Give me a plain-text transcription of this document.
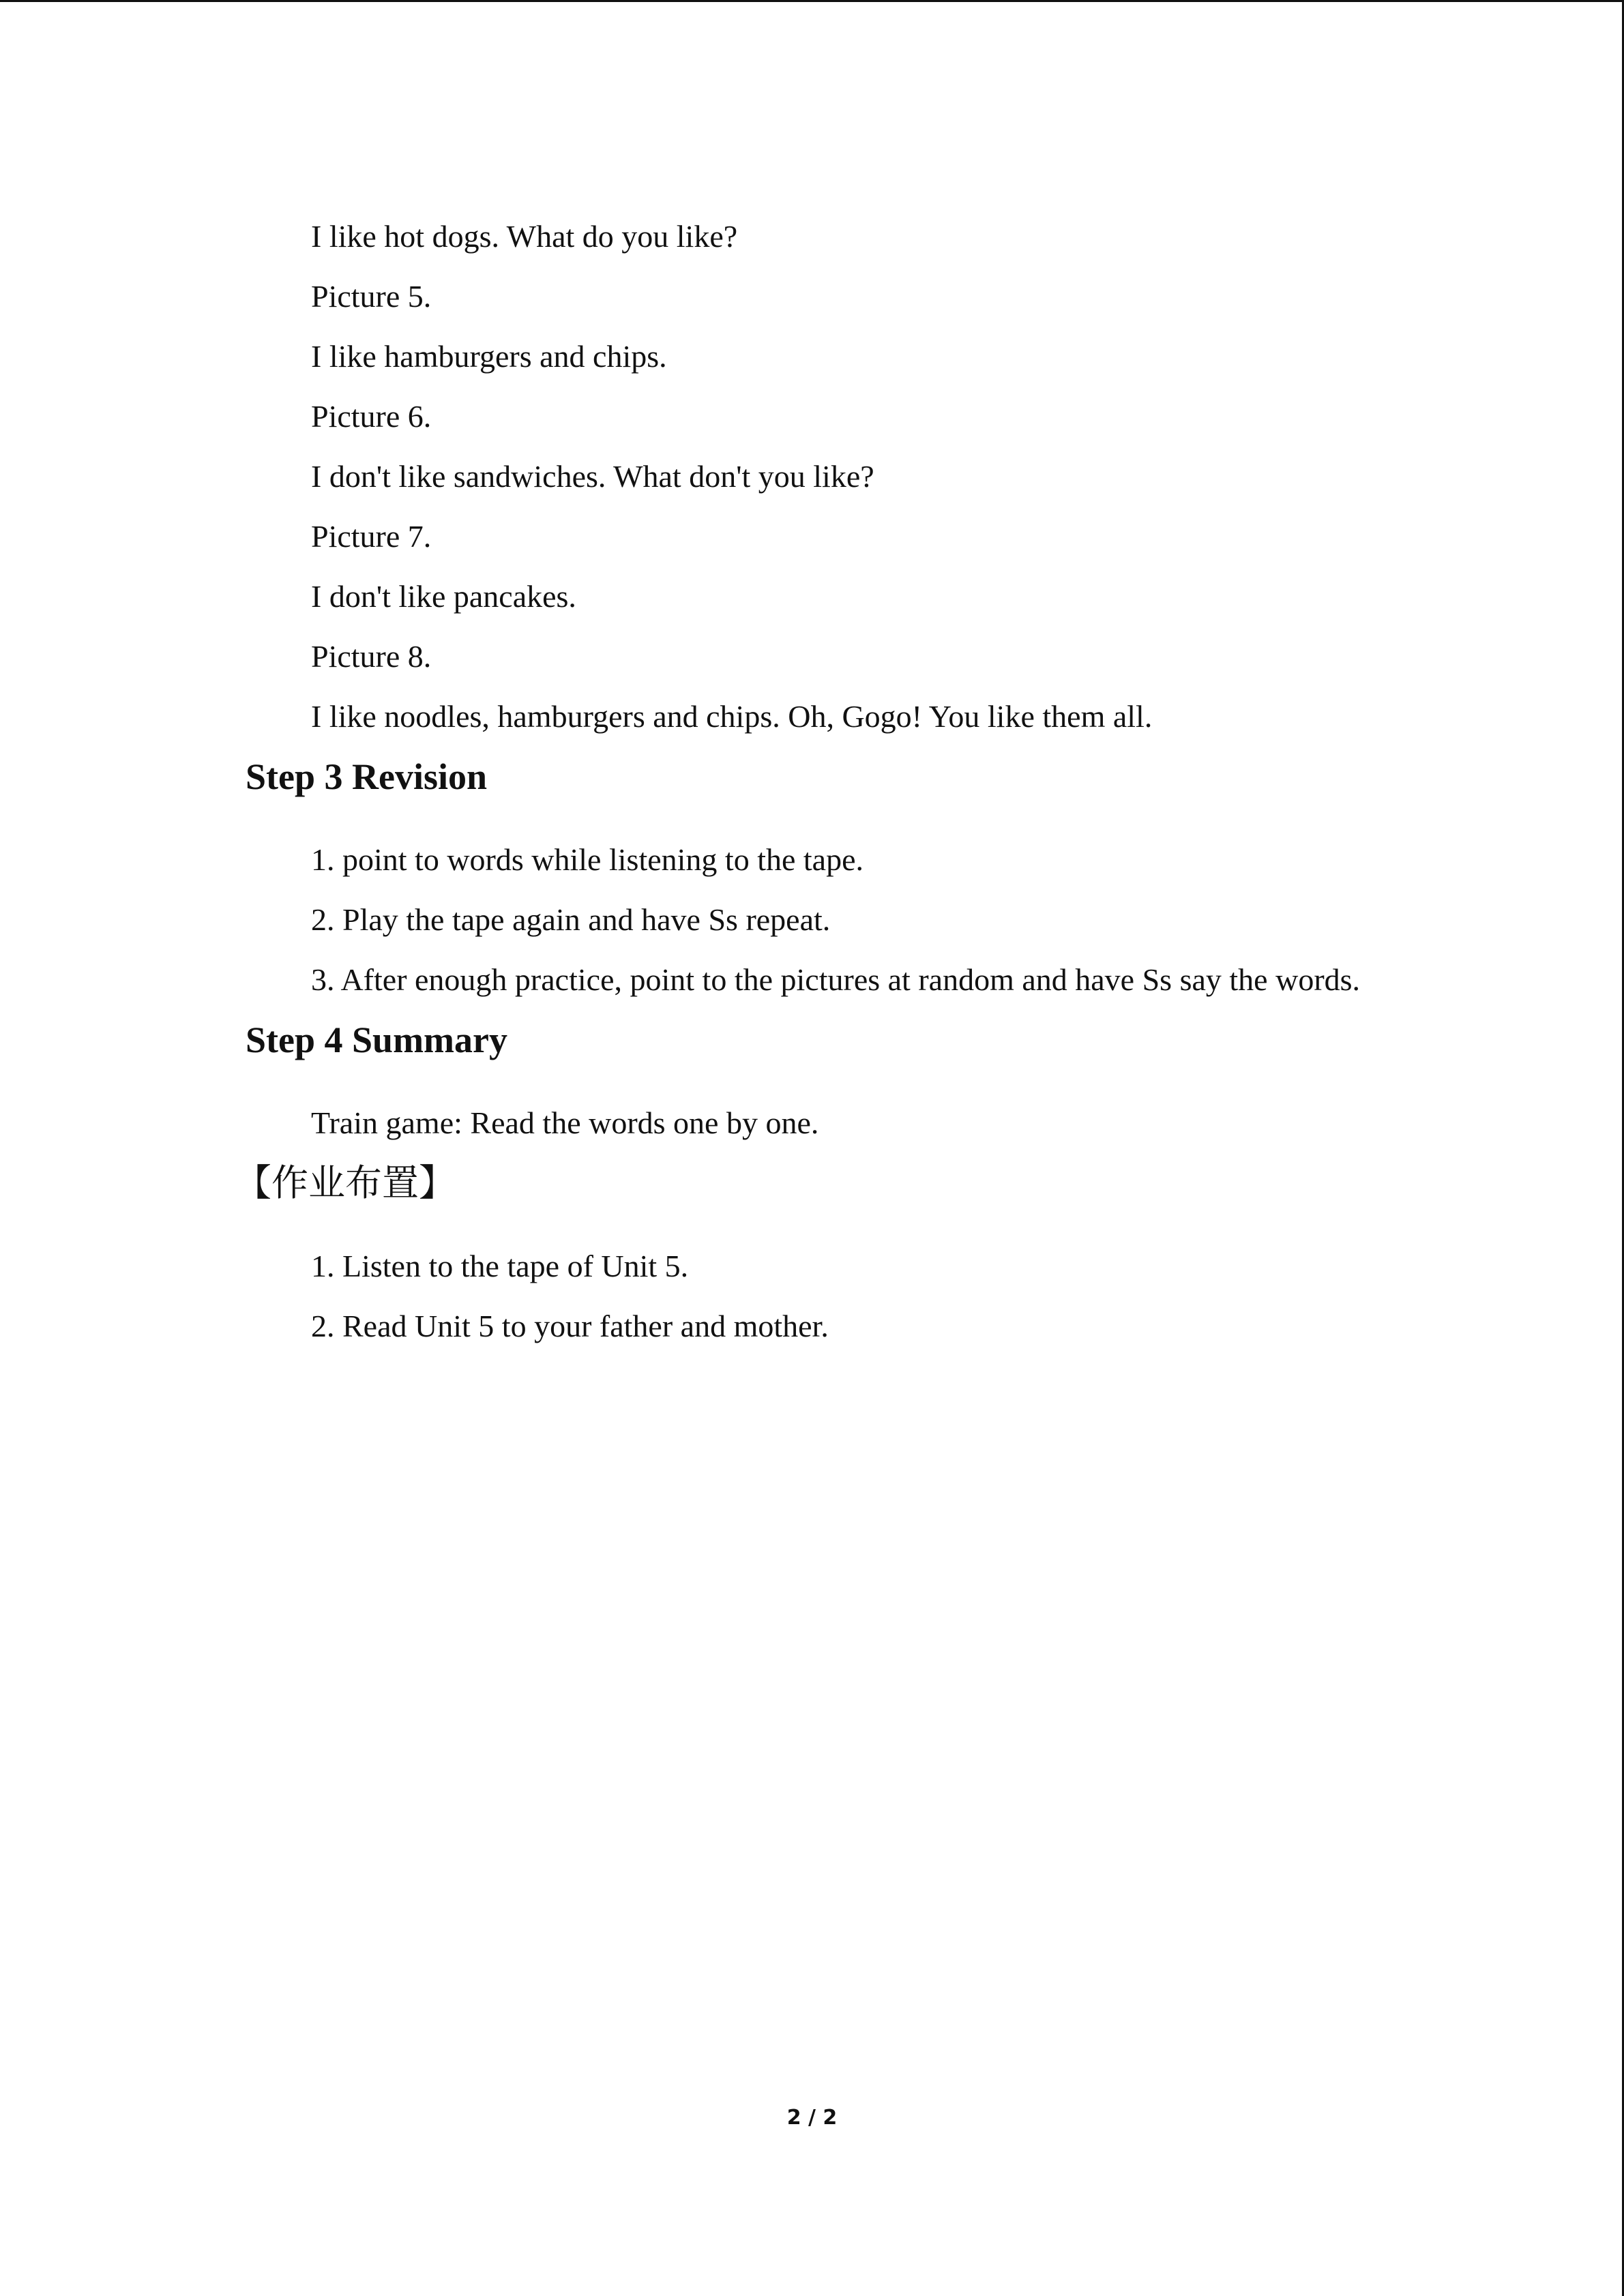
I like hot dogs. What do you like?

Picture 5.

I like hamburgers and chips.

Picture 6.

I don't like sandwiches. What don't you like?

Picture 7.

I don't like pancakes.

Picture 8.

I like noodles, hamburgers and chips. Oh, Gogo! You like them all.

Step 3 Revision

1. point to words while listening to the tape.

2. Play the tape again and have Ss repeat.

3. After enough practice, point to the pictures at random and have Ss say the words.

Step 4 Summary

Train game: Read the words one by one.

【作业布置】

1. Listen to the tape of Unit 5.

2. Read Unit 5 to your father and mother.

2 / 2
